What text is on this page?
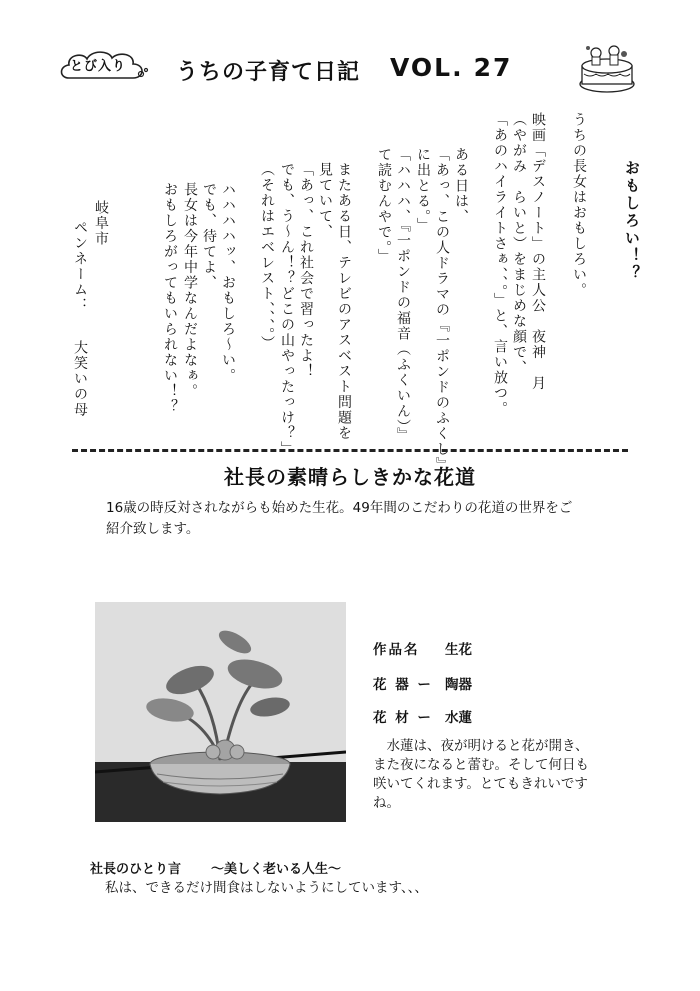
とび入り うちの子育て日記 VOL. 27
おもしろい！？
うちの長女はおもしろい。
映画「デスノート」の主人公　夜神　月
（やがみ　らいと）をまじめな顔で、
「あのハイライトさぁ、、。」と、言い放つ。
ある日は、
「あっ、この人ドラマの『一ポンドのふくし』
に出とる。」
「ハハハ、『一ポンドの福音（ふくいん）』
て読むんやで。」
またある日、テレビのアスベスト問題を
見ていて、
「あっ、これ社会で習ったよ！
でも、う〜ん！？どこの山やったっけ？」
（それはエベレスト、、、。）
ハハハハッ、おもしろ〜い。
でも、待てよ、
長女は今年中学なんだよなぁ。
おもしろがってもいられない！？
岐阜市
ペンネーム：
大笑いの母
社長の素晴らしきかな花道
16歳の時反対されながらも始めた生花。49年間のこだわりの花道の世界をご紹介致します。
作品名 生花
花 器 ー 陶器
花 材 ー 水蓮
　水蓮は、夜が明けると花が開き、また夜になると蕾む。そして何日も咲いてくれます。とてもきれいですね。
社長のひとり言 〜美しく老いる人生〜
私は、できるだけ間食はしないようにしています、、、
